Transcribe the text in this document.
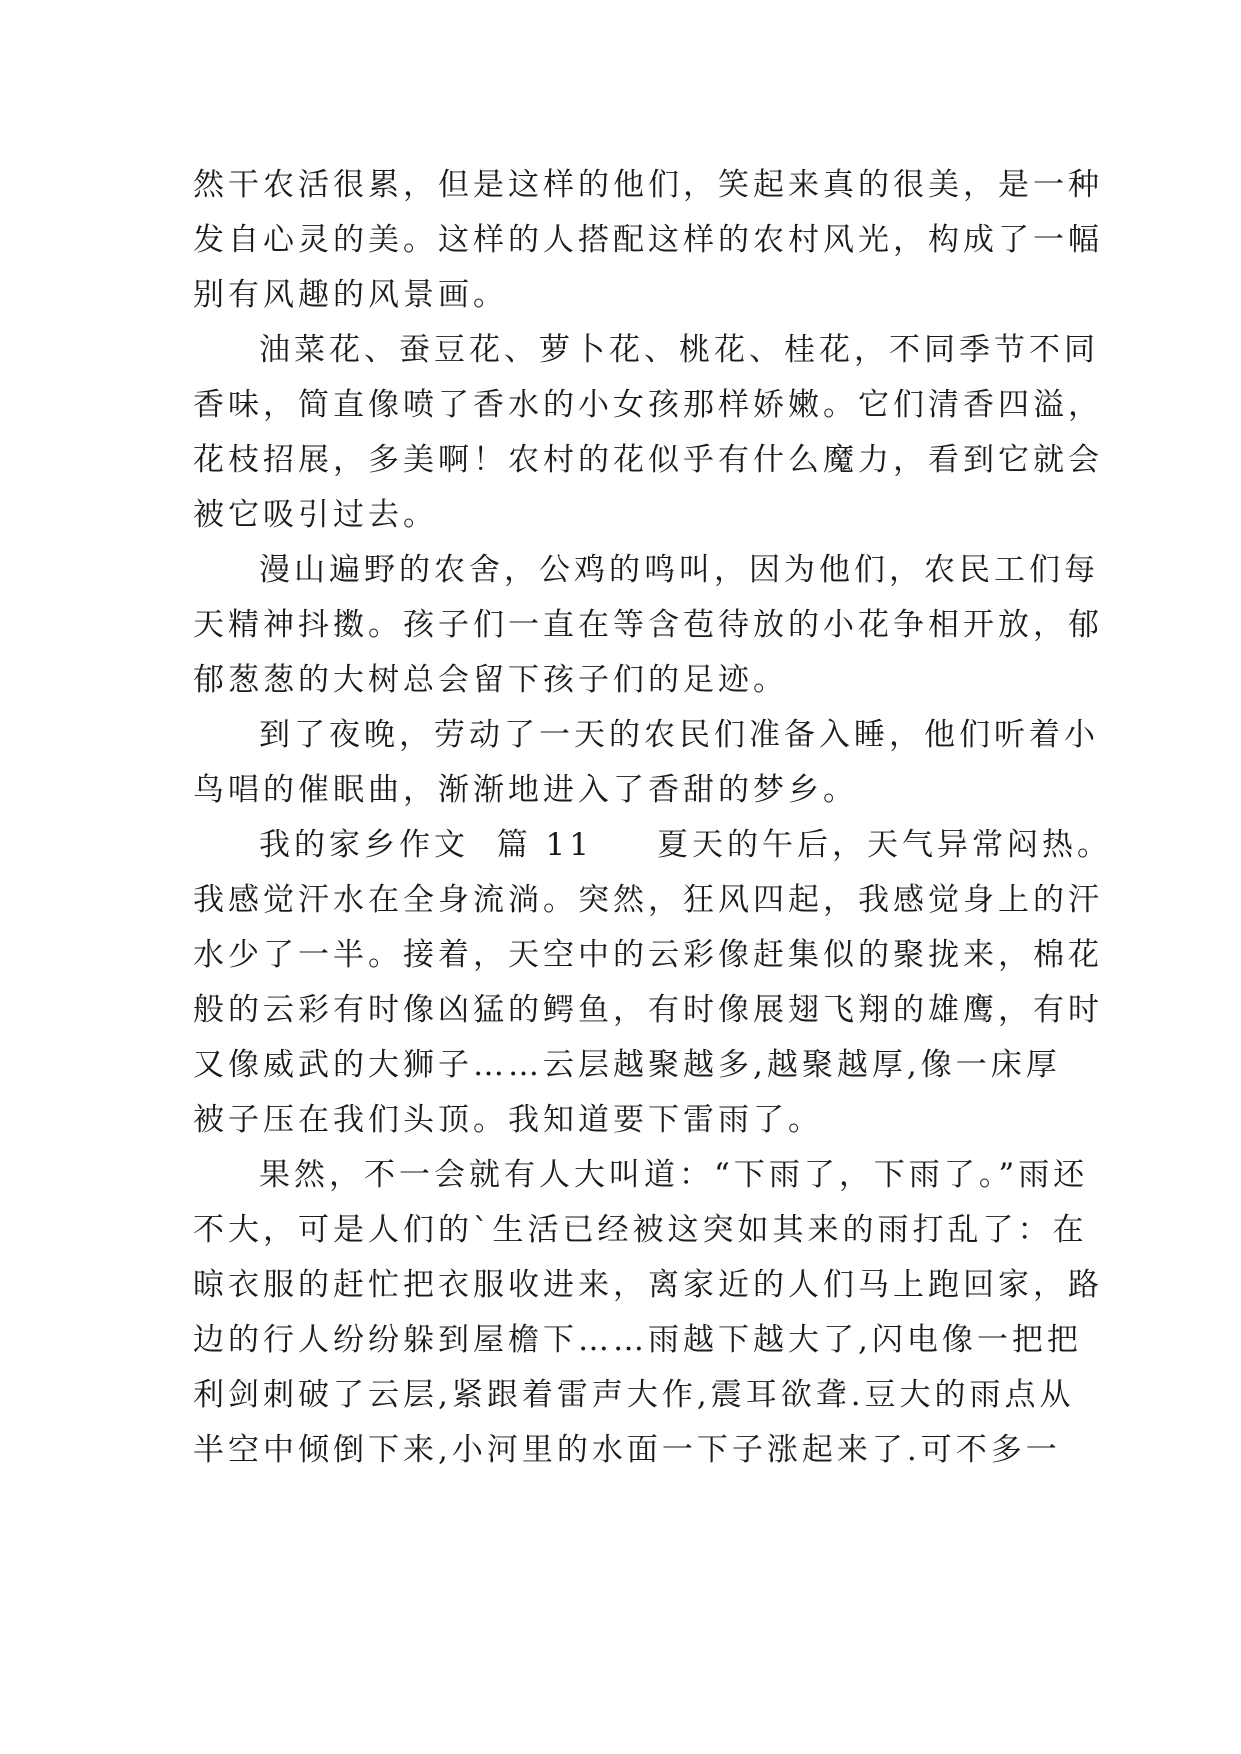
然干农活很累，但是这样的他们，笑起来真的很美，是一种
发自心灵的美。这样的人搭配这样的农村风光，构成了一幅
别有风趣的风景画。
油菜花、蚕豆花、萝卜花、桃花、桂花，不同季节不同
香味，简直像喷了香水的小女孩那样娇嫩。它们清香四溢，
花枝招展，多美啊！农村的花似乎有什么魔力，看到它就会
被它吸引过去。
漫山遍野的农舍，公鸡的鸣叫，因为他们，农民工们每
天精神抖擞。孩子们一直在等含苞待放的小花争相开放，郁
郁葱葱的大树总会留下孩子们的足迹。
到了夜晚，劳动了一天的农民们准备入睡，他们听着小
鸟唱的催眠曲，渐渐地进入了香甜的梦乡。
我的家乡作文  篇 11 夏天的午后，天气异常闷热。
我感觉汗水在全身流淌。突然，狂风四起，我感觉身上的汗
水少了一半。接着，天空中的云彩像赶集似的聚拢来，棉花
般的云彩有时像凶猛的鳄鱼，有时像展翅飞翔的雄鹰，有时
又像威武的大狮子……云层越聚越多,越聚越厚,像一床厚
被子压在我们头顶。我知道要下雷雨了。
果然，不一会就有人大叫道：“下雨了，下雨了。”雨还
不大，可是人们的`生活已经被这突如其来的雨打乱了：在
晾衣服的赶忙把衣服收进来，离家近的人们马上跑回家，路
边的行人纷纷躲到屋檐下……雨越下越大了,闪电像一把把
利剑刺破了云层,紧跟着雷声大作,震耳欲聋.豆大的雨点从
半空中倾倒下来,小河里的水面一下子涨起来了.可不多一
